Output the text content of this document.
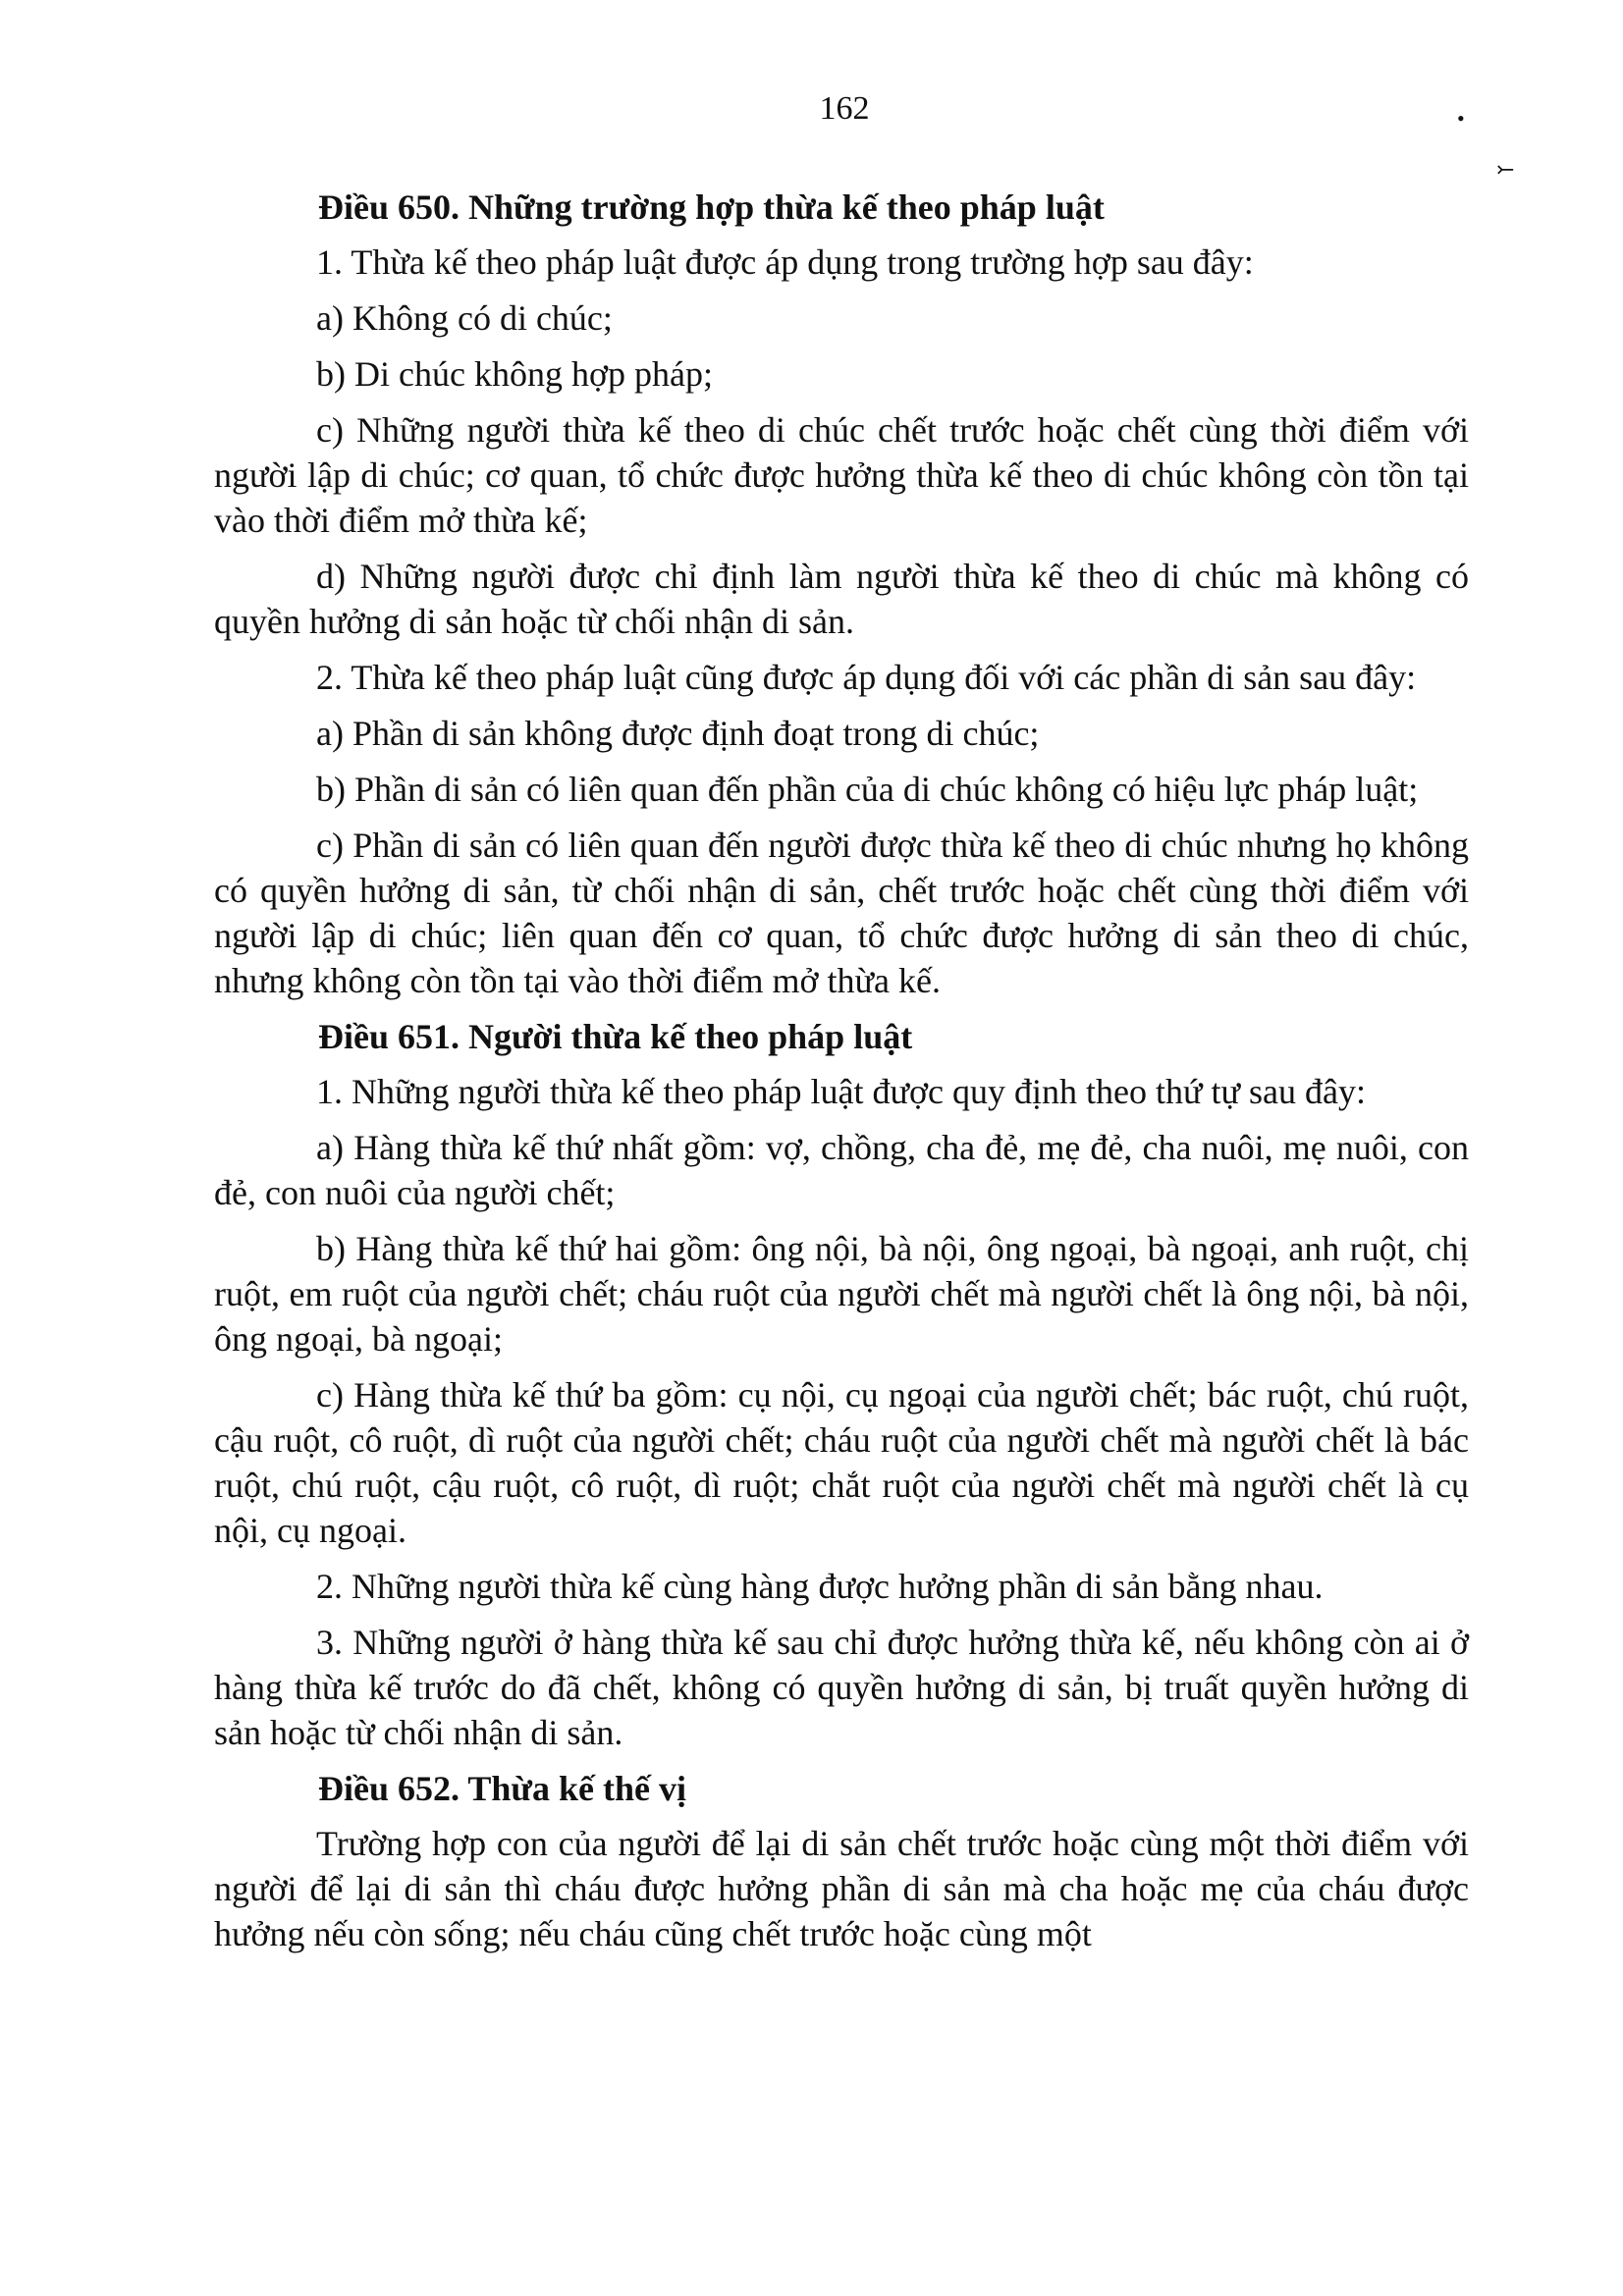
162	•
⤚
Điều 650. Những trường hợp thừa kế theo pháp luật

1. Thừa kế theo pháp luật được áp dụng trong trường hợp sau đây:

a) Không có di chúc;

b) Di chúc không hợp pháp;

c) Những người thừa kế theo di chúc chết trước hoặc chết cùng thời điểm với người lập di chúc; cơ quan, tổ chức được hưởng thừa kế theo di chúc không còn tồn tại vào thời điểm mở thừa kế;

d) Những người được chỉ định làm người thừa kế theo di chúc mà không có quyền hưởng di sản hoặc từ chối nhận di sản.

2. Thừa kế theo pháp luật cũng được áp dụng đối với các phần di sản sau đây:

a) Phần di sản không được định đoạt trong di chúc;

b) Phần di sản có liên quan đến phần của di chúc không có hiệu lực pháp luật;

c) Phần di sản có liên quan đến người được thừa kế theo di chúc nhưng họ không có quyền hưởng di sản, từ chối nhận di sản, chết trước hoặc chết cùng thời điểm với người lập di chúc; liên quan đến cơ quan, tổ chức được hưởng di sản theo di chúc, nhưng không còn tồn tại vào thời điểm mở thừa kế.

Điều 651. Người thừa kế theo pháp luật

1. Những người thừa kế theo pháp luật được quy định theo thứ tự sau đây:

a) Hàng thừa kế thứ nhất gồm: vợ, chồng, cha đẻ, mẹ đẻ, cha nuôi, mẹ nuôi, con đẻ, con nuôi của người chết;

b) Hàng thừa kế thứ hai gồm: ông nội, bà nội, ông ngoại, bà ngoại, anh ruột, chị ruột, em ruột của người chết; cháu ruột của người chết mà người chết là ông nội, bà nội, ông ngoại, bà ngoại;

c) Hàng thừa kế thứ ba gồm: cụ nội, cụ ngoại của người chết; bác ruột, chú ruột, cậu ruột, cô ruột, dì ruột của người chết; cháu ruột của người chết mà người chết là bác ruột, chú ruột, cậu ruột, cô ruột, dì ruột; chắt ruột của người chết mà người chết là cụ nội, cụ ngoại.

2. Những người thừa kế cùng hàng được hưởng phần di sản bằng nhau.

3. Những người ở hàng thừa kế sau chỉ được hưởng thừa kế, nếu không còn ai ở hàng thừa kế trước do đã chết, không có quyền hưởng di sản, bị truất quyền hưởng di sản hoặc từ chối nhận di sản.

Điều 652. Thừa kế thế vị

Trường hợp con của người để lại di sản chết trước hoặc cùng một thời điểm với người để lại di sản thì cháu được hưởng phần di sản mà cha hoặc mẹ của cháu được hưởng nếu còn sống; nếu cháu cũng chết trước hoặc cùng một
